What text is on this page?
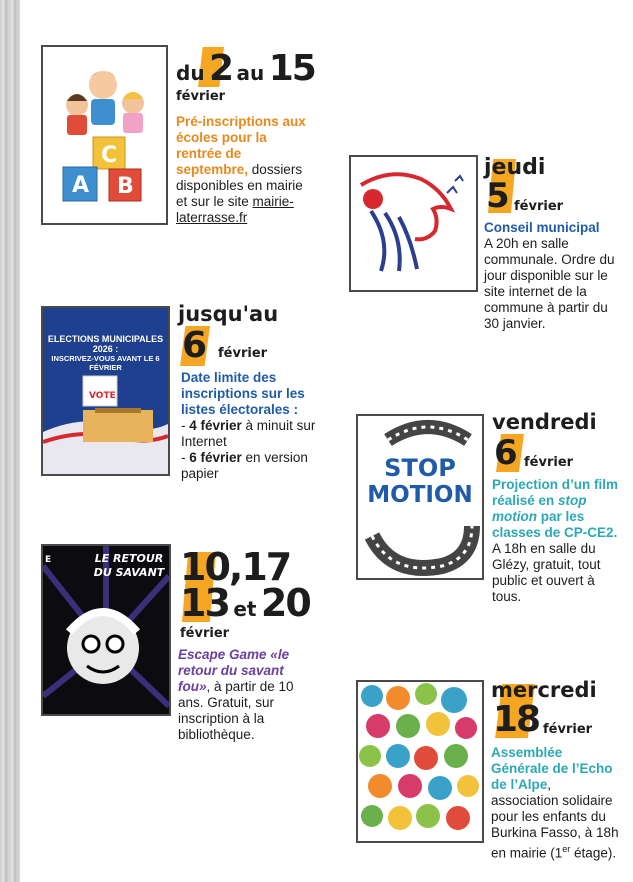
C
A B
du 2 au 15
février
Pré-inscriptions aux écoles pour la rentrée de septembre, dossiers disponibles en mairie et sur le site mairie-laterrasse.fr
jeudi
5 février
Conseil municipal
A 20h en salle communale. Ordre du jour disponible sur le site internet de la commune à partir du 30 janvier.
ELECTIONS MUNICIPALES 2026 :
INSCRIVEZ-VOUS AVANT LE 6 FÉVRIER
VOTE
jusqu'au
6 février
Date limite des inscriptions sur les listes électorales :
- 4 février à minuit sur Internet
- 6 février en version papier	STOP
MOTION
vendredi
6 février
Projection d’un film réalisé en stop motion par les classes de CP-CE2. A 18h en salle du Glézy, gratuit, tout public et ouvert à tous.
E	LE RETOUR
DU SAVANT 10,17
13 et 20
février
Escape Game «le retour du savant fou», à partir de 10 ans. Gratuit, sur inscription à la bibliothèque.
mercredi
18 février
Assemblée Générale de l’Echo de l’Alpe, association solidaire pour les enfants du Burkina Fasso, à 18h en mairie (1er étage).
